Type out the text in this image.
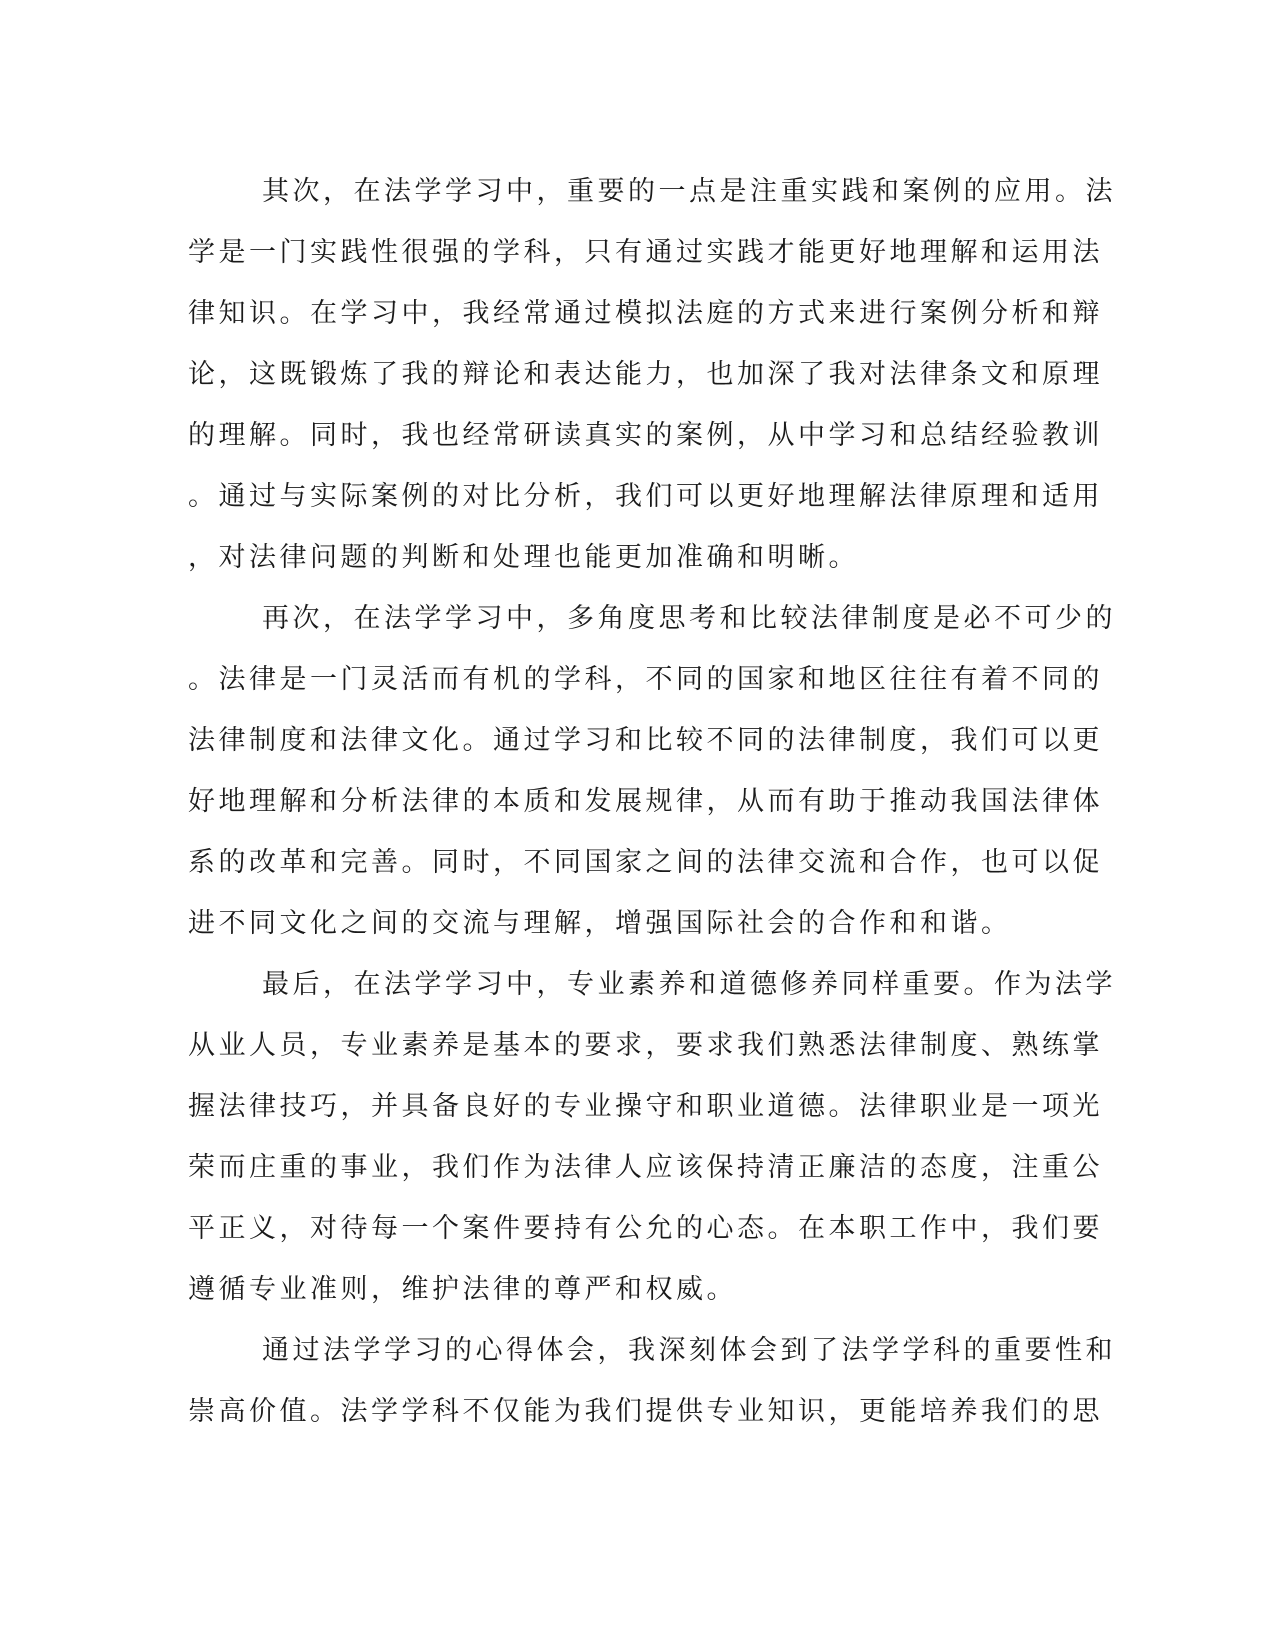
其次，在法学学习中，重要的一点是注重实践和案例的应用。法
学是一门实践性很强的学科，只有通过实践才能更好地理解和运用法
律知识。在学习中，我经常通过模拟法庭的方式来进行案例分析和辩
论，这既锻炼了我的辩论和表达能力，也加深了我对法律条文和原理
的理解。同时，我也经常研读真实的案例，从中学习和总结经验教训
。通过与实际案例的对比分析，我们可以更好地理解法律原理和适用
，对法律问题的判断和处理也能更加准确和明晰。
再次，在法学学习中，多角度思考和比较法律制度是必不可少的
。法律是一门灵活而有机的学科，不同的国家和地区往往有着不同的
法律制度和法律文化。通过学习和比较不同的法律制度，我们可以更
好地理解和分析法律的本质和发展规律，从而有助于推动我国法律体
系的改革和完善。同时，不同国家之间的法律交流和合作，也可以促
进不同文化之间的交流与理解，增强国际社会的合作和和谐。
最后，在法学学习中，专业素养和道德修养同样重要。作为法学
从业人员，专业素养是基本的要求，要求我们熟悉法律制度、熟练掌
握法律技巧，并具备良好的专业操守和职业道德。法律职业是一项光
荣而庄重的事业，我们作为法律人应该保持清正廉洁的态度，注重公
平正义，对待每一个案件要持有公允的心态。在本职工作中，我们要
遵循专业准则，维护法律的尊严和权威。
通过法学学习的心得体会，我深刻体会到了法学学科的重要性和
崇高价值。法学学科不仅能为我们提供专业知识，更能培养我们的思
